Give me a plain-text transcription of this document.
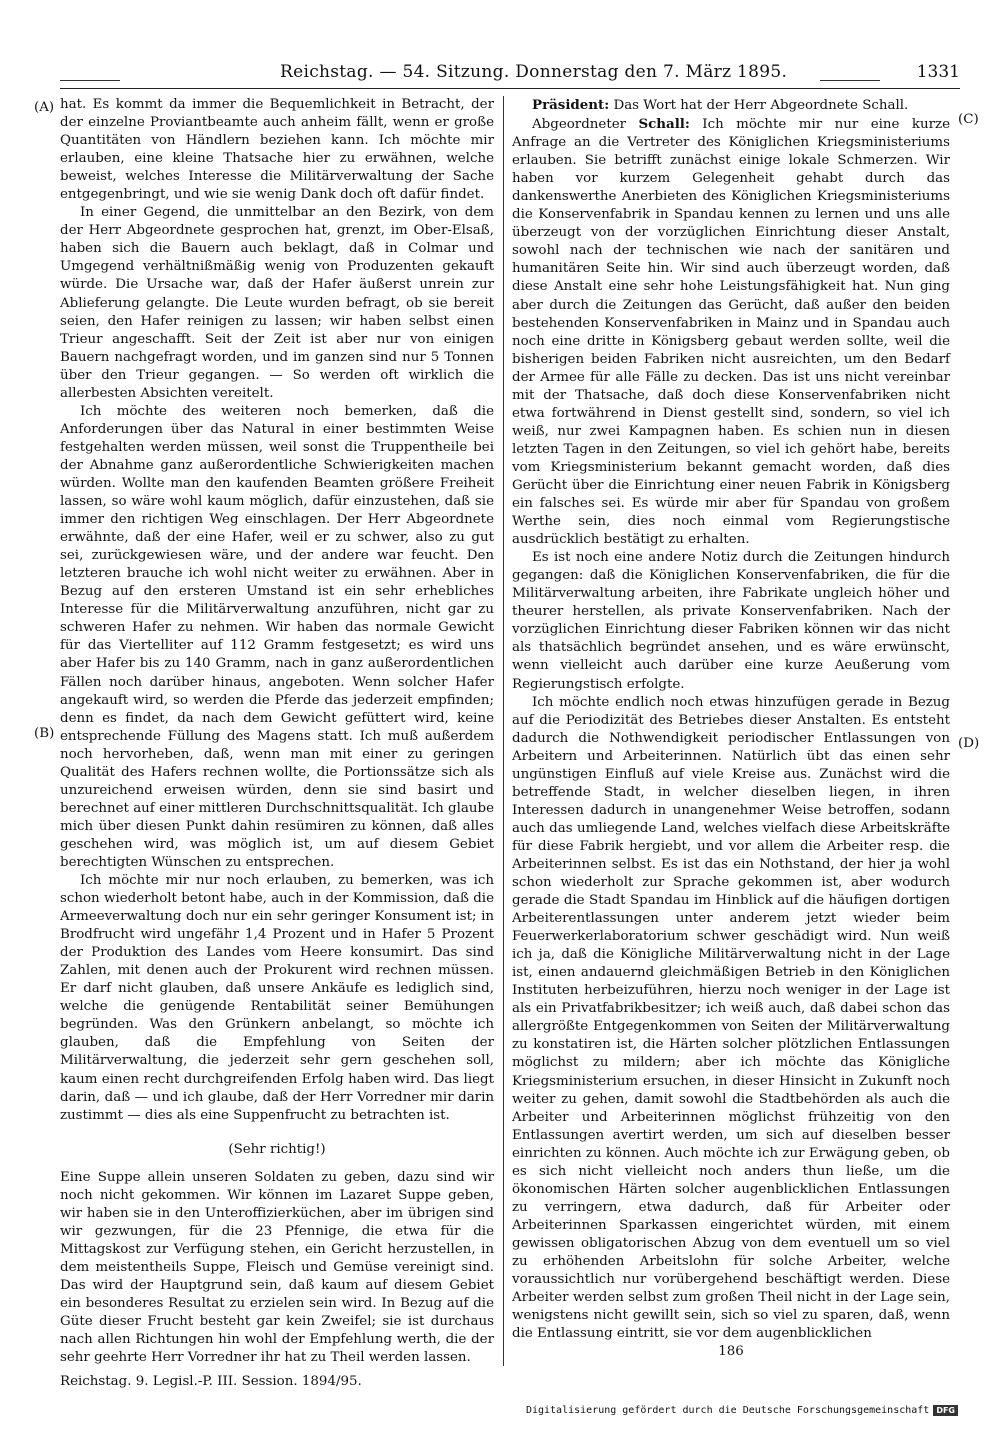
Reichstag. — 54. Sitzung. Donnerstag den 7. März 1895.	1331
(A)
(B)
(C)
(D)

hat. Es kommt da immer die Bequemlichkeit in Betracht, der der einzelne Proviantbeamte auch anheim fällt, wenn er große Quantitäten von Händlern beziehen kann. Ich möchte mir erlauben, eine kleine Thatsache hier zu erwähnen, welche beweist, welches Interesse die Militärverwaltung der Sache entgegenbringt, und wie sie wenig Dank doch oft dafür findet.

In einer Gegend, die unmittelbar an den Bezirk, von dem der Herr Abgeordnete gesprochen hat, grenzt, im Ober-Elsaß, haben sich die Bauern auch beklagt, daß in Colmar und Umgegend verhältnißmäßig wenig von Produzenten gekauft würde. Die Ursache war, daß der Hafer äußerst unrein zur Ablieferung gelangte. Die Leute wurden befragt, ob sie bereit seien, den Hafer reinigen zu lassen; wir haben selbst einen Trieur angeschafft. Seit der Zeit ist aber nur von einigen Bauern nachgefragt worden, und im ganzen sind nur 5 Tonnen über den Trieur gegangen. — So werden oft wirklich die allerbesten Absichten vereitelt.

Ich möchte des weiteren noch bemerken, daß die Anforderungen über das Natural in einer bestimmten Weise festgehalten werden müssen, weil sonst die Truppentheile bei der Abnahme ganz außerordentliche Schwierigkeiten machen würden. Wollte man den kaufenden Beamten größere Freiheit lassen, so wäre wohl kaum möglich, dafür einzustehen, daß sie immer den richtigen Weg einschlagen. Der Herr Abgeordnete erwähnte, daß der eine Hafer, weil er zu schwer, also zu gut sei, zurückgewiesen wäre, und der andere war feucht. Den letzteren brauche ich wohl nicht weiter zu erwähnen. Aber in Bezug auf den ersteren Umstand ist ein sehr erhebliches Interesse für die Militärverwaltung anzuführen, nicht gar zu schweren Hafer zu nehmen. Wir haben das normale Gewicht für das Viertelliter auf 112 Gramm festgesetzt; es wird uns aber Hafer bis zu 140 Gramm, nach in ganz außerordentlichen Fällen noch darüber hinaus, angeboten. Wenn solcher Hafer angekauft wird, so werden die Pferde das jederzeit empfinden; denn es findet, da nach dem Gewicht gefüttert wird, keine entsprechende Füllung des Magens statt. Ich muß außerdem noch hervorheben, daß, wenn man mit einer zu geringen Qualität des Hafers rechnen wollte, die Portionssätze sich als unzureichend erweisen würden, denn sie sind basirt und berechnet auf einer mittleren Durchschnittsqualität. Ich glaube mich über diesen Punkt dahin resümiren zu können, daß alles geschehen wird, was möglich ist, um auf diesem Gebiet berechtigten Wünschen zu entsprechen.

Ich möchte mir nur noch erlauben, zu bemerken, was ich schon wiederholt betont habe, auch in der Kommission, daß die Armeeverwaltung doch nur ein sehr geringer Konsument ist; in Brodfrucht wird ungefähr 1,4 Prozent und in Hafer 5 Prozent der Produktion des Landes vom Heere konsumirt. Das sind Zahlen, mit denen auch der Prokurent wird rechnen müssen. Er darf nicht glauben, daß unsere Ankäufe es lediglich sind, welche die genügende Rentabilität seiner Bemühungen begründen. Was den Grünkern anbelangt, so möchte ich glauben, daß die Empfehlung von Seiten der Militärverwaltung, die jederzeit sehr gern geschehen soll, kaum einen recht durchgreifenden Erfolg haben wird. Das liegt darin, daß — und ich glaube, daß der Herr Vorredner mir darin zustimmt — dies als eine Suppenfrucht zu betrachten ist.

(Sehr richtig!)

Eine Suppe allein unseren Soldaten zu geben, dazu sind wir noch nicht gekommen. Wir können im Lazaret Suppe geben, wir haben sie in den Unteroffizierküchen, aber im übrigen sind wir gezwungen, für die 23 Pfennige, die etwa für die Mittagskost zur Verfügung stehen, ein Gericht herzustellen, in dem meistentheils Suppe, Fleisch und Gemüse vereinigt sind. Das wird der Hauptgrund sein, daß kaum auf diesem Gebiet ein besonderes Resultat zu erzielen sein wird. In Bezug auf die Güte dieser Frucht besteht gar kein Zweifel; sie ist durchaus nach allen Richtungen hin wohl der Empfehlung werth, die der sehr geehrte Herr Vorredner ihr hat zu Theil werden lassen.

Reichstag. 9. Legisl.-P. III. Session. 1894/95.

Präsident: Das Wort hat der Herr Abgeordnete Schall.

Abgeordneter Schall: Ich möchte mir nur eine kurze Anfrage an die Vertreter des Königlichen Kriegsministeriums erlauben. Sie betrifft zunächst einige lokale Schmerzen. Wir haben vor kurzem Gelegenheit gehabt durch das dankenswerthe Anerbieten des Königlichen Kriegsministeriums die Konservenfabrik in Spandau kennen zu lernen und uns alle überzeugt von der vorzüglichen Einrichtung dieser Anstalt, sowohl nach der technischen wie nach der sanitären und humanitären Seite hin. Wir sind auch überzeugt worden, daß diese Anstalt eine sehr hohe Leistungsfähigkeit hat. Nun ging aber durch die Zeitungen das Gerücht, daß außer den beiden bestehenden Konservenfabriken in Mainz und in Spandau auch noch eine dritte in Königsberg gebaut werden sollte, weil die bisherigen beiden Fabriken nicht ausreichten, um den Bedarf der Armee für alle Fälle zu decken. Das ist uns nicht vereinbar mit der Thatsache, daß doch diese Konservenfabriken nicht etwa fortwährend in Dienst gestellt sind, sondern, so viel ich weiß, nur zwei Kampagnen haben. Es schien nun in diesen letzten Tagen in den Zeitungen, so viel ich gehört habe, bereits vom Kriegsministerium bekannt gemacht worden, daß dies Gerücht über die Einrichtung einer neuen Fabrik in Königsberg ein falsches sei. Es würde mir aber für Spandau von großem Werthe sein, dies noch einmal vom Regierungstische ausdrücklich bestätigt zu erhalten.

Es ist noch eine andere Notiz durch die Zeitungen hindurch gegangen: daß die Königlichen Konservenfabriken, die für die Militärverwaltung arbeiten, ihre Fabrikate ungleich höher und theurer herstellen, als private Konservenfabriken. Nach der vorzüglichen Einrichtung dieser Fabriken können wir das nicht als thatsächlich begründet ansehen, und es wäre erwünscht, wenn vielleicht auch darüber eine kurze Aeußerung vom Regierungstisch erfolgte.

Ich möchte endlich noch etwas hinzufügen gerade in Bezug auf die Periodizität des Betriebes dieser Anstalten. Es entsteht dadurch die Nothwendigkeit periodischer Entlassungen von Arbeitern und Arbeiterinnen. Natürlich übt das einen sehr ungünstigen Einfluß auf viele Kreise aus. Zunächst wird die betreffende Stadt, in welcher dieselben liegen, in ihren Interessen dadurch in unangenehmer Weise betroffen, sodann auch das umliegende Land, welches vielfach diese Arbeitskräfte für diese Fabrik hergiebt, und vor allem die Arbeiter resp. die Arbeiterinnen selbst. Es ist das ein Nothstand, der hier ja wohl schon wiederholt zur Sprache gekommen ist, aber wodurch gerade die Stadt Spandau im Hinblick auf die häufigen dortigen Arbeiterentlassungen unter anderem jetzt wieder beim Feuerwerkerlaboratorium schwer geschädigt wird. Nun weiß ich ja, daß die Königliche Militärverwaltung nicht in der Lage ist, einen andauernd gleichmäßigen Betrieb in den Königlichen Instituten herbeizuführen, hierzu noch weniger in der Lage ist als ein Privatfabrikbesitzer; ich weiß auch, daß dabei schon das allergrößte Entgegenkommen von Seiten der Militärverwaltung zu konstatiren ist, die Härten solcher plötzlichen Entlassungen möglichst zu mildern; aber ich möchte das Königliche Kriegsministerium ersuchen, in dieser Hinsicht in Zukunft noch weiter zu gehen, damit sowohl die Stadtbehörden als auch die Arbeiter und Arbeiterinnen möglichst frühzeitig von den Entlassungen avertirt werden, um sich auf dieselben besser einrichten zu können. Auch möchte ich zur Erwägung geben, ob es sich nicht vielleicht noch anders thun ließe, um die ökonomischen Härten solcher augenblicklichen Entlassungen zu verringern, etwa dadurch, daß für Arbeiter oder Arbeiterinnen Sparkassen eingerichtet würden, mit einem gewissen obligatorischen Abzug von dem eventuell um so viel zu erhöhenden Arbeitslohn für solche Arbeiter, welche voraussichtlich nur vorübergehend beschäftigt werden. Diese Arbeiter werden selbst zum großen Theil nicht in der Lage sein, wenigstens nicht gewillt sein, sich so viel zu sparen, daß, wenn die Entlassung eintritt, sie vor dem augenblicklichen

186

Digitalisierung gefördert durch die Deutsche Forschungsgemeinschaft DFG
